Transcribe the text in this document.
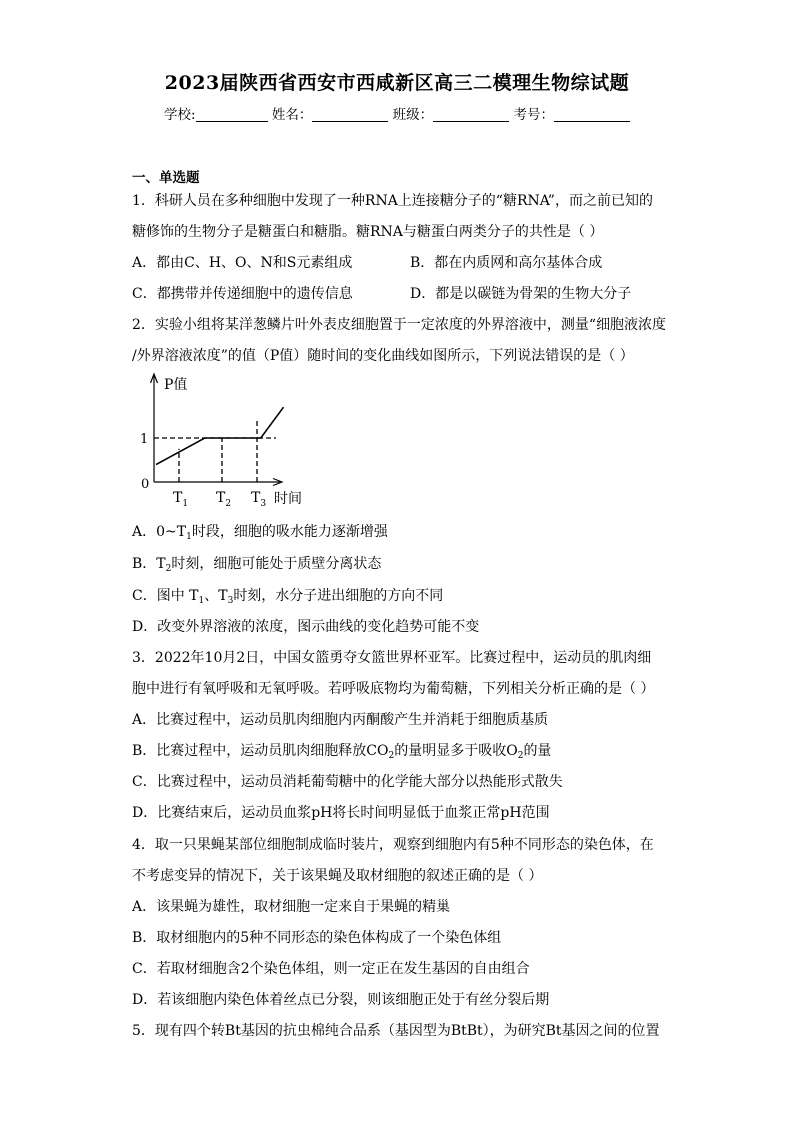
2023届陕西省西安市西咸新区高三二模理生物综试题
学校:	姓名：	班级：	考号：
一、单选题
1．科研人员在多种细胞中发现了一种RNA上连接糖分子的“糖RNA”，而之前已知的
糖修饰的生物分子是糖蛋白和糖脂。糖RNA与糖蛋白两类分子的共性是（ ）
A．都由C、H、O、N和S元素组成	B．都在内质网和高尔基体合成
C．都携带并传递细胞中的遗传信息	D．都是以碳链为骨架的生物大分子
2．实验小组将某洋葱鳞片叶外表皮细胞置于一定浓度的外界溶液中，测量“细胞液浓度
/外界溶液浓度”的值（P值）随时间的变化曲线如图所示，下列说法错误的是（ ）
P值
时间
0
1
$T_1$ $T_2$ $T_3$
A．$0\sim T_1$时段，细胞的吸水能力逐渐增强
B．$T_2$时刻，细胞可能处于质壁分离状态
C．图中 $T_1$、$T_3$时刻，水分子进出细胞的方向不同
D．改变外界溶液的浓度，图示曲线的变化趋势可能不变
3．2022年10月2日，中国女篮勇夺女篮世界杯亚军。比赛过程中，运动员的肌肉细
胞中进行有氧呼吸和无氧呼吸。若呼吸底物均为葡萄糖，下列相关分析正确的是（ ）
A．比赛过程中，运动员肌肉细胞内丙酮酸产生并消耗于细胞质基质
B．比赛过程中，运动员肌肉细胞释放$CO_2$的量明显多于吸收$O_2$的量
C．比赛过程中，运动员消耗葡萄糖中的化学能大部分以热能形式散失
D．比赛结束后，运动员血浆pH将长时间明显低于血浆正常pH范围
4．取一只果蝇某部位细胞制成临时装片，观察到细胞内有5种不同形态的染色体，在
不考虑变异的情况下，关于该果蝇及取材细胞的叙述正确的是（ ）
A．该果蝇为雄性，取材细胞一定来自于果蝇的精巢
B．取材细胞内的5种不同形态的染色体构成了一个染色体组
C．若取材细胞含2个染色体组，则一定正在发生基因的自由组合
D．若该细胞内染色体着丝点已分裂，则该细胞正处于有丝分裂后期
5．现有四个转Bt基因的抗虫棉纯合品系（基因型为BtBt），为研究Bt基因之间的位置
